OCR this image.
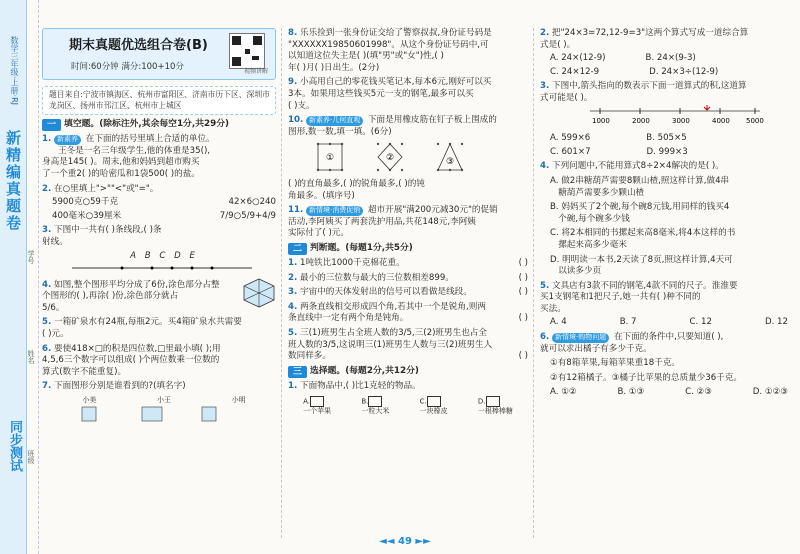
数学三年级·上册·RJ
新精编真题卷
同步测试
学号
姓名
班级
期末真题优选组合卷(B)
时间:60分钟 满分:100+10分	视频讲解
题目来自:宁波市镇海区、杭州市富阳区、济南市历下区、深圳市龙岗区、扬州市邗江区、杭州市上城区
一 填空题。(除标注外,其余每空1分,共29分)
1. 新素养 在下面的括号里填上合适的单位。
王冬是一名三年级学生,他的体重是35(),
身高是145( )。周末,他和妈妈到超市购买
了一个重2( )的哈密瓜和1袋500( )的盐。
2. 在○里填上">""<"或"="。
5900克○59千克	42×6○240
400毫米○39厘米	7/9○5/9+4/9
3. 下图中一共有( )条线段,( )条
射线。
A B C D E
4. 如图,整个图形平均分成了6份,涂色部分占整
个图形的( ),再涂( )份,涂色部分就占
5/6。
5. 一箱矿泉水有24瓶,每瓶2元。买4箱矿泉水共需要
( )元。
6. 要使418×□的积是四位数,□里最小填( );用
4,5,6三个数字可以组成( )个两位数乘一位数的
算式(数字不能重复)。
7. 下面图形分别是谁看到的?(填名字)
小美	小王	小明
8. 乐乐捡到一张身份证交给了警察叔叔,身份证号码是
"XXXXXX19850601998"。从这个身份证号码中,可
以知道这位失主是( )(填"男"或"女")性,( )
年( )月( )日出生。(2分)
9. 小高用自己的零花钱买笔记本,每本6元,刚好可以买
3本。如果用这些钱买5元一支的钢笔,最多可以买
( )支。
10. 新素养·几何直观 下面是用橡皮筋在钉子板上围成的
图形,数一数,填一填。(6分)
①	②	③

( )的直角最多,( )的锐角最多,( )的钝
角最多。(填序号)
11. 新情境·消费促销 超市开展"满200元减30元"的促销
活动,李阿姨买了两套洗护用品,共花148元,李阿姨
实际付了( )元。
二 判断题。(每题1分,共5分)
1. 1吨铁比1000千克棉花重。	( )
2. 最小的三位数与最大的三位数相差899。	( )
3. 宇宙中的天体发射出的信号可以看做是线段。	( )
4. 两条直线相交形成四个角,若其中一个是锐角,则两
条直线中一定有两个角是钝角。	( )
5. 三(1)班男生占全班人数的3/5,三(2)班男生也占全
班人数的3/5,这说明三(1)班男生人数与三(2)班男生人
数同样多。	( )
三 选择题。(每题2分,共12分)
1. 下面物品中,( )比1克轻的物品。
A.
一个苹果
B.
一粒大米
C.
一块橡皮
D.
一根棒棒糖
2. 把"24×3=72,12-9=3"这两个算式写成一道综合算
式是( )。
A. 24×(12-9)	B. 24×(9-3)
C. 24×12-9	D. 24×3÷(12-9)
3. 下图中,箭头指向的数表示下面一道算式的积,这道算
式可能是( )。
1000	2000	3000	4000 5000
A. 599×6	B. 505×5
C. 601×7	D. 999×3
4. 下列问题中,不能用算式8÷2×4解决的是( )。
A. 做2串糖葫芦需要8颗山楂,照这样计算,做4串
糖葫芦需要多少颗山楂
B. 妈妈买了2个碗,每个碗8元钱,用同样的钱买4
个碗,每个碗多少钱
C. 将2本相同的书摞起来高8毫米,将4本这样的书
摞起来高多少毫米
D. 明明读一本书,2天读了8页,照这样计算,4天可
以读多少页
5. 文具店有3款不同的钢笔,4款不同的尺子。淮淮要
买1支钢笔和1把尺子,她一共有( )种不同的
买法。
A. 4	B. 7	C. 12	D. 12
6. 新情境·购物问题 在下面的条件中,只要知道( ),
就可以求出橘子有多少千克。
①有8箱苹果,每箱苹果重18千克。
②有12箱橘子。③橘子比苹果的总质量少36千克。
A. ①②	B. ①③	C. ②③	D. ①②③
◄◄ 49 ►►
